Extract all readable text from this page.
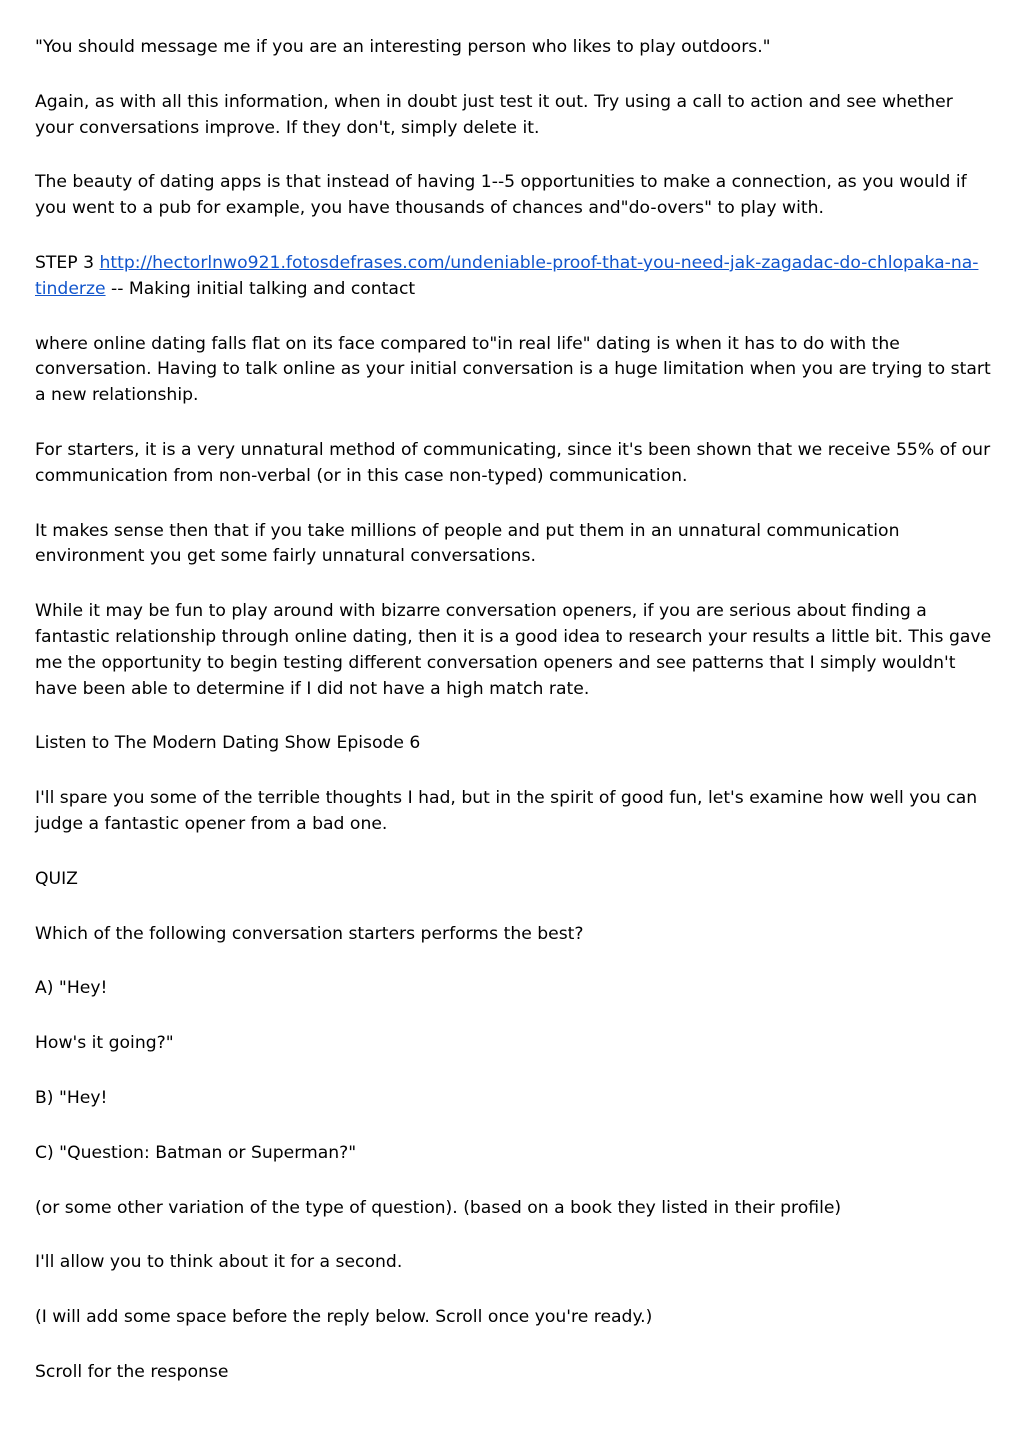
"You should message me if you are an interesting person who likes to play outdoors."

Again, as with all this information, when in doubt just test it out. Try using a call to action and see whether your conversations improve. If they don't, simply delete it.

The beauty of dating apps is that instead of having 1--5 opportunities to make a connection, as you would if you went to a pub for example, you have thousands of chances and"do-overs" to play with.

STEP 3 http://hectorlnwo921.fotosdefrases.com/undeniable-proof-that-you-need-jak-zagadac-do-chlopaka-na-tinderze -- Making initial talking and contact

where online dating falls flat on its face compared to"in real life" dating is when it has to do with the conversation. Having to talk online as your initial conversation is a huge limitation when you are trying to start a new relationship.

For starters, it is a very unnatural method of communicating, since it's been shown that we receive 55% of our communication from non-verbal (or in this case non-typed) communication.

It makes sense then that if you take millions of people and put them in an unnatural communication environment you get some fairly unnatural conversations.

While it may be fun to play around with bizarre conversation openers, if you are serious about finding a fantastic relationship through online dating, then it is a good idea to research your results a little bit. This gave me the opportunity to begin testing different conversation openers and see patterns that I simply wouldn't have been able to determine if I did not have a high match rate.

Listen to The Modern Dating Show Episode 6

I'll spare you some of the terrible thoughts I had, but in the spirit of good fun, let's examine how well you can judge a fantastic opener from a bad one.

QUIZ

Which of the following conversation starters performs the best?

A) "Hey!

How's it going?"

B) "Hey!

C) "Question: Batman or Superman?"

(or some other variation of the type of question). (based on a book they listed in their profile)

I'll allow you to think about it for a second.

(I will add some space before the reply below. Scroll once you're ready.)

Scroll for the response
